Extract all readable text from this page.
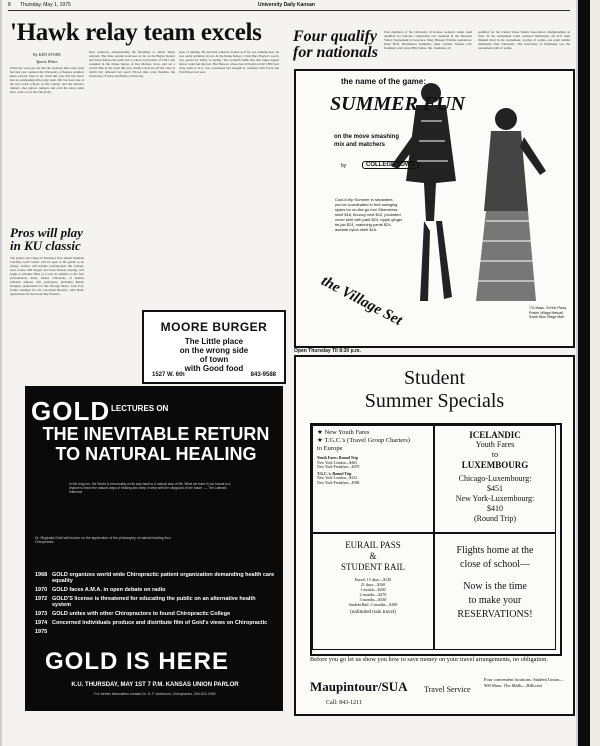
8 Thursday, May 1, 1975	University Daily Kansan
'Hawk relay team excels
By KEN STONE
Sports Writer
When the word got out that the Jayhawk mile relay team had last year captured the University of Kansas sprinters knew exactly what to do. Until this year KU has never had an outstanding mile relay team. KU has been one of the best track schools in the country and the distance runners, shot putters, jumpers and even the relay teams have come out of the University.
have achieved, demonstrating the flexibility to which Talley referred. The three ground staircases as far as the Baylor Relays and Texas Relays the team won a school record time of 3:06.5 last weekend in the Drake Relays at Des Moines, Iowa, and set a record time in the event this year. Eddie Lewis led off the relay in which KU defeated last year's NCAA mile relay finalists, the University of Texas and Baylor University.
style of running. He said that when he looked as if he was running slow, he was really sprinting all out. At the Drake Relays, Clyde Barr, Baylor's coach, was quoted by Talley as saying, 'You wouldn't think that that lanky legged fellow could run that fast.' But Benson, whose best 220 split on KU's 880 yard relay team is 21.0, was considered fast enough by assistant with Track and Field News last year.
Pros will play in KU classic
The gallery and clique in Monday's first annual Jayhawk Celebrity Golf Classic will be open to the public at no charge. Golfers will include professionals Jim Colbert, Grier Jones, Phil Rogers and Tom Watson playing, will begin at Alvamar Hills at 1 p.m. In addition to the four professionals, many former University of Kansas standout athletes will participate, including Bobby Douglas, quarterback for the Chicago Bears; Gale Fox, former lineman for the Cleveland Browns; John Hadl, quarterback for the Green Bay Packers.
MOORE BURGER
The Little place
on the wrong side
of town
with Good food
1527 W. 6th	843-9588
GOLD LECTURES ON
THE INEVITABLE RETURN TO NATURAL HEALING
In the long run, the World is irrevocably on its way back to a natural way of life. What we have in our hands is a chance to learn the natural ways of healing and keep in step with the vanguard of the future. — The Laterals Influence
Dr. Reginald Gold will lecture on the application of the philosophy of natural healing thru Chiropractic.
1968 GOLD organizes world wide Chiropractic patient organization demanding health care equality
1970 GOLD faces A.M.A. in open debate on radio
1972 GOLD'S license is threatened for educating the public on an alternative health system
1973 GOLD unites with other Chiropractors to found Chiropractic College
1974 Concerned individuals produce and distribute film of Gold's views on Chiropractic
1975
GOLD IS HERE
K.U. THURSDAY, MAY 1ST 7 P.M. KANSAS UNION PARLOR
For further information contact Dr. G. F. Anderson, Chiropractor, 316-522-1900
Four qualify for nationals
Four members of the University of Kansas women's tennis team qualified for national competition last weekend in the Missouri Valley Tournament in Lawrence. Mary Brussel, Wichita sophomore; Ellen Hoff, Hutchinson freshman; Janet Golden, Kansas City freshman; and Lynda Hill, Salina, Mo. freshman, all
qualified for the United States Tennis Association championships in June. In the tournament totals released Wednesday, the KU team finished third in the tournament, scoring 21 points, one point behind Oklahoma State University. The University of Oklahoma was the tournament with 22 points.
the name of the game:
SUMMER FUN
on the move smashing mix and matchers
by	COLLEGE TOWN
Cool-it-trip Summer in separates you've coordinated in free swinging styles for on-the-go fun! Sleeveless shell $16, flouncy vest $10, pocketed cover skirt with pant $24, ripple ginger tie-jac $24, matching pants $24, acetate nylon shell $16.
the Village Set	711 Mass. On the Plaza Prairie Village Metcalf South Blue Ridge Mall
Open Thursday Til 8:30 p.m.
Student
Summer Specials
★ New Youth Fares
★ T.G.C.'s (Travel Group Charters)
to Europe
Youth Fares: Round Trip
New York-London—$465
New York-Frankfurt—$479
T.G.C.'s: Round Trip
New York-London—$332
New York-Frankfurt—$386
ICELANDIC
Youth Fares
to
LUXEMBOURG
Chicago-Luxembourg:
$451
New York-Luxembourg:
$410
(Round Trip)
EURAIL PASS
&
STUDENT RAIL
Eurail: 15 days—$130
21 days—$160
1 month—$200
2 months—$270
3 months—$330
Student Rail: 2 months—$180
(unlimited train travel)
Flights home at the
close of school—
Now is the time
to make your
RESERVATIONS!
Before you go let us show you how to save money on your travel arrangements, no obligation.
Maupintour/SUA Travel Service
Call: 843-1211
Four convenient locations: Student Union—900 Mass. The Malls—Hillcrest
